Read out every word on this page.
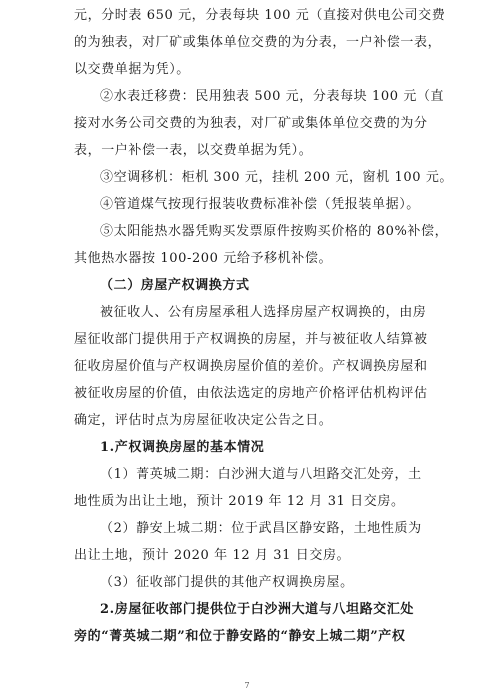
元，分时表 650 元，分表每块 100 元（直接对供电公司交费
的为独表，对厂矿或集体单位交费的为分表，一户补偿一表，
以交费单据为凭）。
②水表迁移费：民用独表 500 元，分表每块 100 元（直
接对水务公司交费的为独表，对厂矿或集体单位交费的为分
表，一户补偿一表，以交费单据为凭）。
③空调移机：柜机 300 元，挂机 200 元，窗机 100 元。
④管道煤气按现行报装收费标准补偿（凭报装单据）。
⑤太阳能热水器凭购买发票原件按购买价格的 80%补偿，
其他热水器按 100-200 元给予移机补偿。
（二）房屋产权调换方式
被征收人、公有房屋承租人选择房屋产权调换的，由房
屋征收部门提供用于产权调换的房屋，并与被征收人结算被
征收房屋价值与产权调换房屋价值的差价。产权调换房屋和
被征收房屋的价值，由依法选定的房地产价格评估机构评估
确定，评估时点为房屋征收决定公告之日。
1.产权调换房屋的基本情况
（1）菁英城二期：白沙洲大道与八坦路交汇处旁，土
地性质为出让土地，预计 2019 年 12 月 31 日交房。
（2）静安上城二期：位于武昌区静安路，土地性质为
出让土地，预计 2020 年 12 月 31 日交房。
（3）征收部门提供的其他产权调换房屋。
2.房屋征收部门提供位于白沙洲大道与八坦路交汇处
旁的“菁英城二期”和位于静安路的“静安上城二期”产权
7
